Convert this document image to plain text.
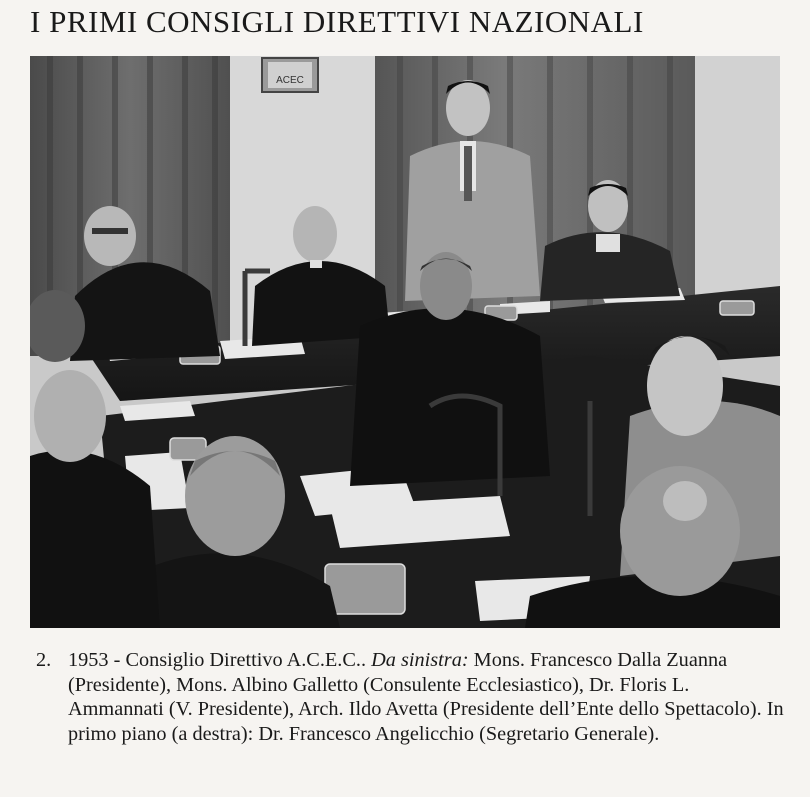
I PRIMI CONSIGLI DIRETTIVI NAZIONALI
ACEC
2. 1953 - Consiglio Direttivo A.C.E.C.. Da sinistra: Mons. Francesco Dalla Zuanna (Presidente), Mons. Albino Galletto (Consulente Ecclesiastico), Dr. Floris L. Ammannati (V. Presidente), Arch. Ildo Avetta (Presidente dell’Ente dello Spettacolo). In primo piano (a destra): Dr. Francesco Angelicchio (Segretario Generale).
